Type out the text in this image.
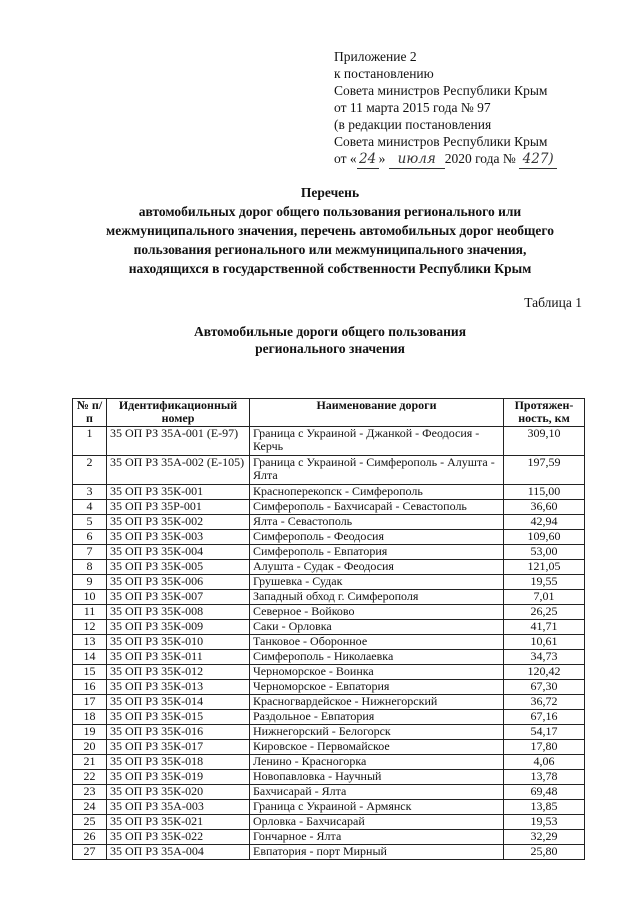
Приложение 2
к постановлению
Совета министров Республики Крым
от 11 марта 2015 года № 97
(в редакции постановления
Совета министров Республики Крым
от « 24 » июля 2020 года № 427)
Перечень
автомобильных дорог общего пользования регионального или
межмуниципального значения, перечень автомобильных дорог необщего
пользования регионального или межмуниципального значения,
находящихся в государственной собственности Республики Крым
Таблица 1
Автомобильные дороги общего пользования
регионального значения
№ п/п	Идентификационный номер	Наименование дороги	Протяжен-ность, км
1	35 ОП РЗ 35А-001 (Е-97)	Граница с Украиной - Джанкой - Феодосия - Керчь	309,10
2	35 ОП РЗ 35А-002 (Е-105)	Граница с Украиной - Симферополь - Алушта - Ялта	197,59
3	35 ОП РЗ 35К-001	Красноперекопск - Симферополь	115,00
4	35 ОП РЗ 35Р-001	Симферополь - Бахчисарай - Севастополь	36,60
5	35 ОП РЗ 35К-002	Ялта - Севастополь	42,94
6	35 ОП РЗ 35К-003	Симферополь - Феодосия	109,60
7	35 ОП РЗ 35К-004	Симферополь - Евпатория	53,00
8	35 ОП РЗ 35К-005	Алушта - Судак - Феодосия	121,05
9	35 ОП РЗ 35К-006	Грушевка - Судак	19,55
10	35 ОП РЗ 35К-007	Западный обход г. Симферополя	7,01
11	35 ОП РЗ 35К-008	Северное - Войково	26,25
12	35 ОП РЗ 35К-009	Саки - Орловка	41,71
13	35 ОП РЗ 35К-010	Танковое - Оборонное	10,61
14	35 ОП РЗ 35К-011	Симферополь - Николаевка	34,73
15	35 ОП РЗ 35К-012	Черноморское - Воинка	120,42
16	35 ОП РЗ 35К-013	Черноморское - Евпатория	67,30
17	35 ОП РЗ 35К-014	Красногвардейское - Нижнегорский	36,72
18	35 ОП РЗ 35К-015	Раздольное - Евпатория	67,16
19	35 ОП РЗ 35К-016	Нижнегорский - Белогорск	54,17
20	35 ОП РЗ 35К-017	Кировское - Первомайское	17,80
21	35 ОП РЗ 35К-018	Ленино - Красногорка	4,06
22	35 ОП РЗ 35К-019	Новопавловка - Научный	13,78
23	35 ОП РЗ 35К-020	Бахчисарай - Ялта	69,48
24	35 ОП РЗ 35А-003	Граница с Украиной - Армянск	13,85
25	35 ОП РЗ 35К-021	Орловка - Бахчисарай	19,53
26	35 ОП РЗ 35К-022	Гончарное - Ялта	32,29
27	35 ОП РЗ 35А-004	Евпатория - порт Мирный	25,80
